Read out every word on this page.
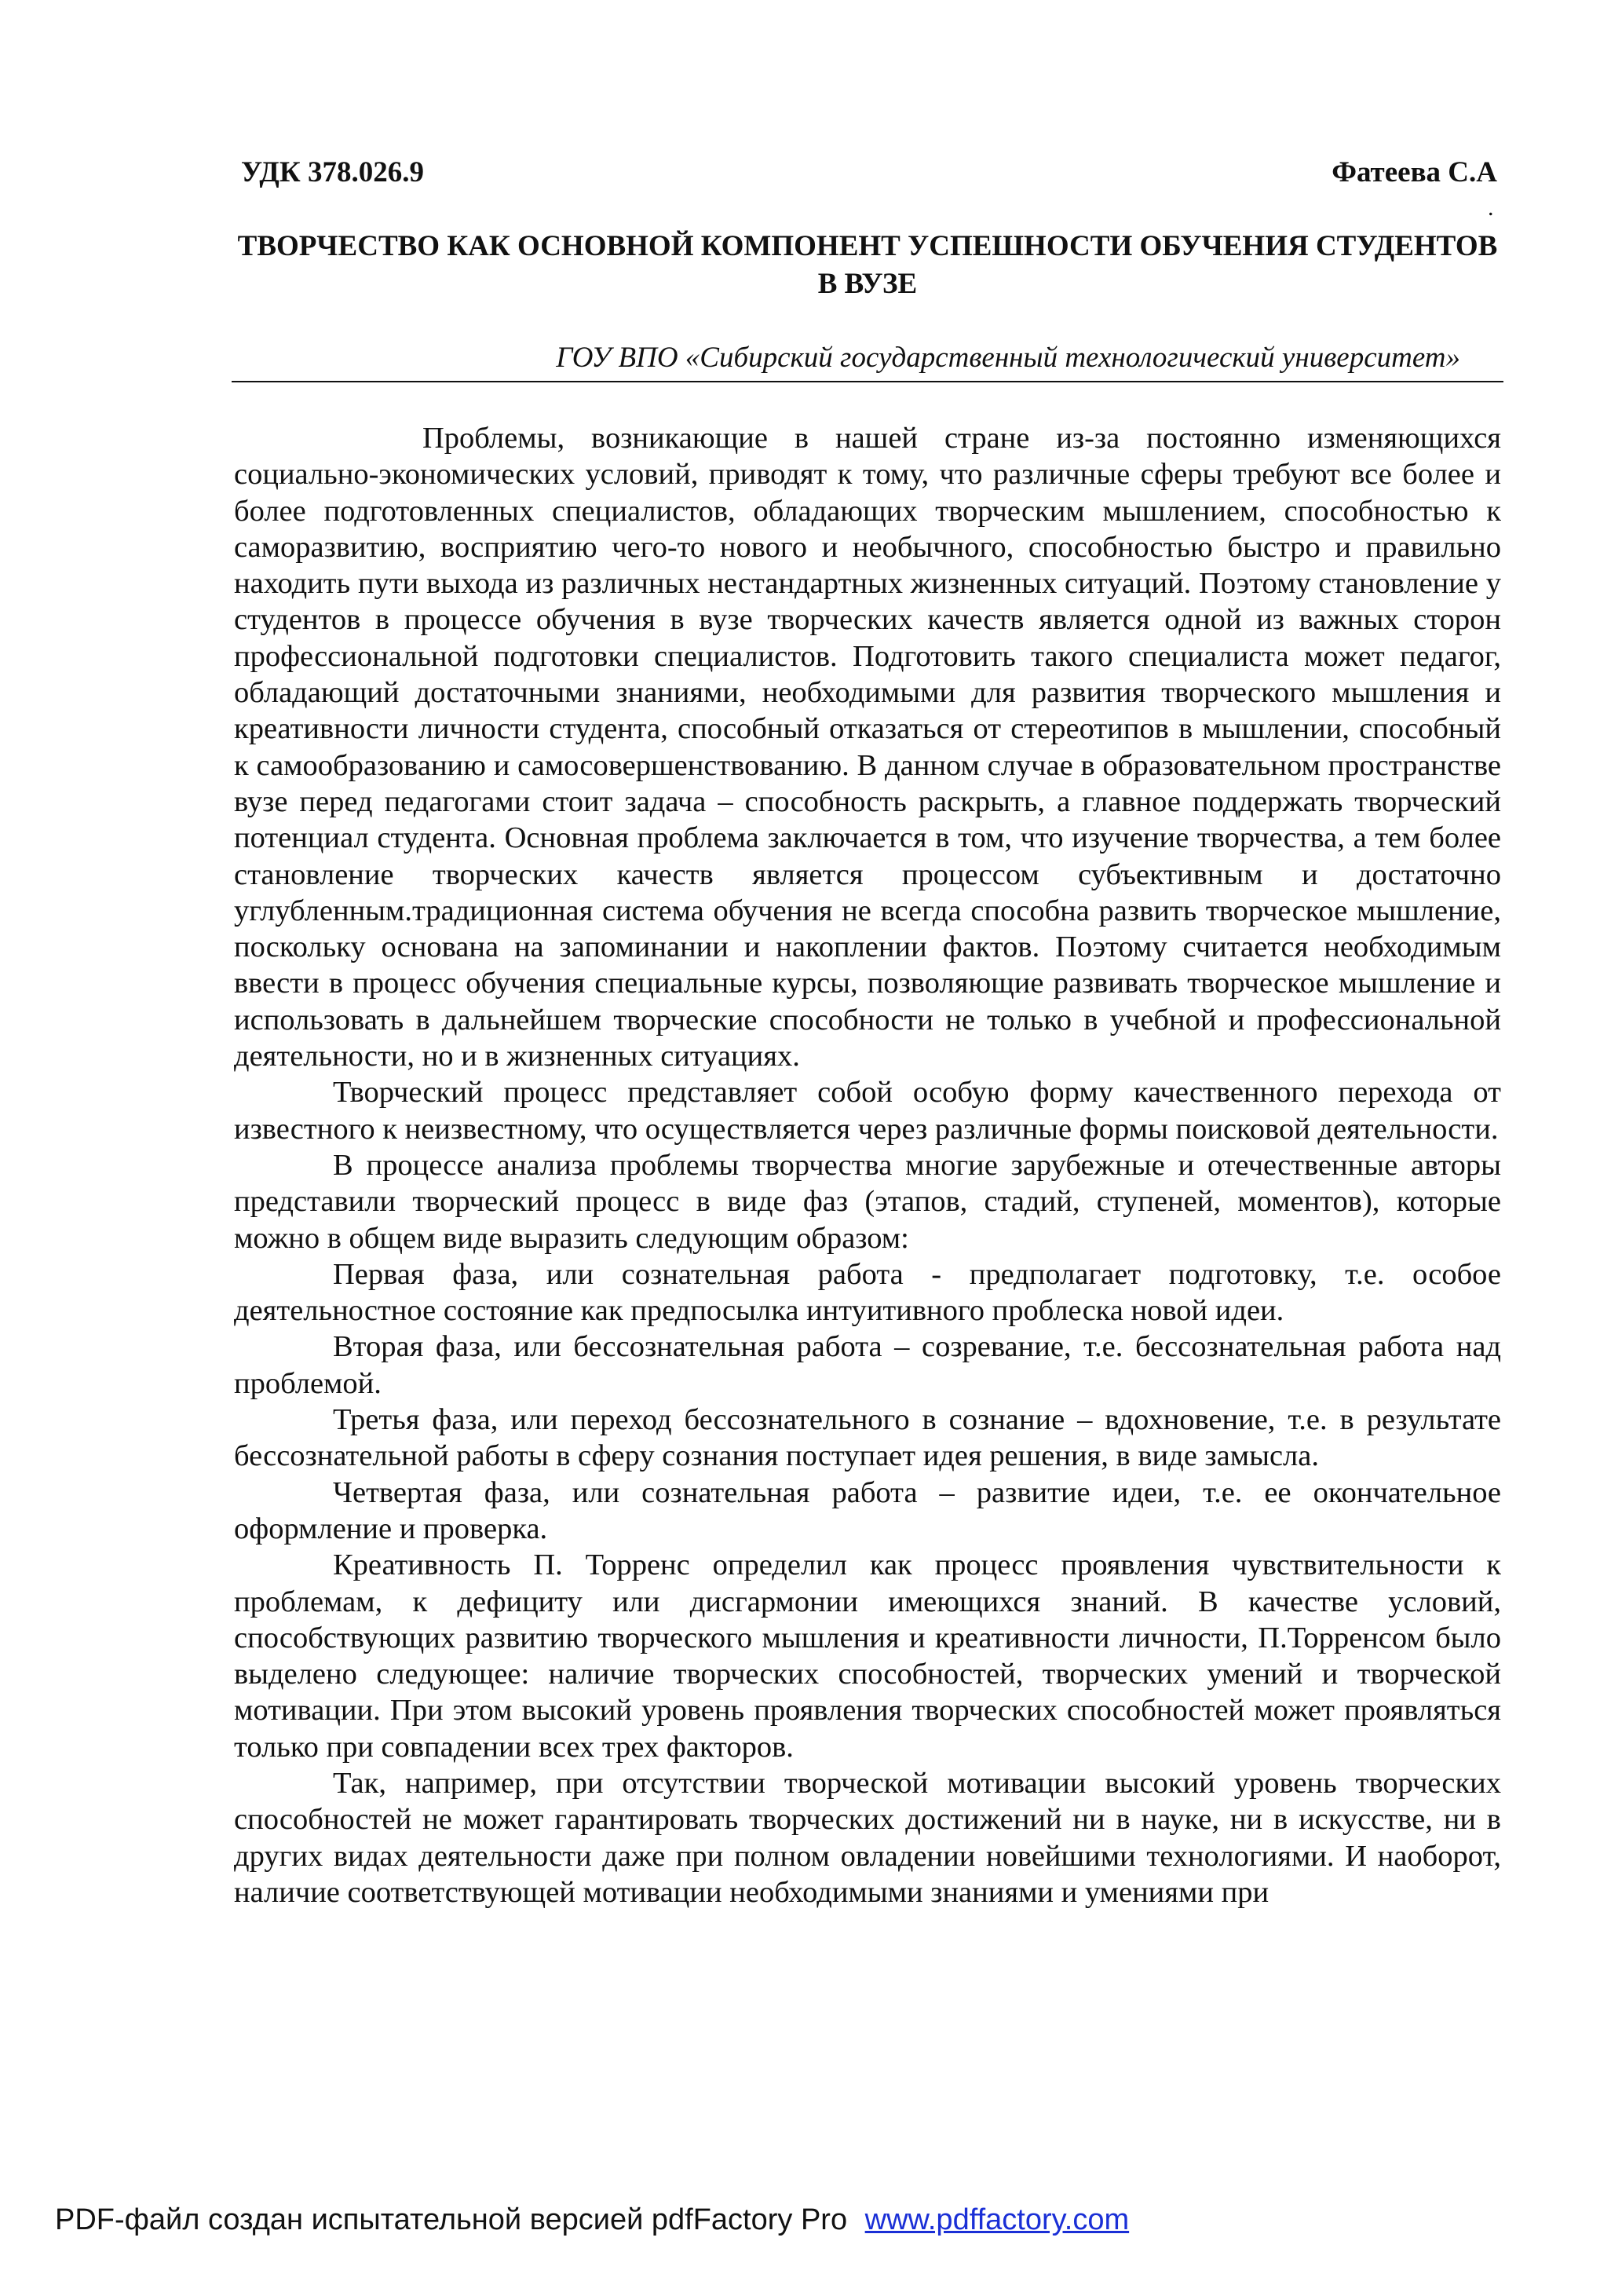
УДК 378.026.9	Фатеева С.А
.
ТВОРЧЕСТВО КАК ОСНОВНОЙ КОМПОНЕНТ УСПЕШНОСТИ ОБУЧЕНИЯ СТУДЕНТОВ В ВУЗЕ
ГОУ ВПО «Сибирский государственный технологический университет»

Проблемы, возникающие в нашей стране из-за постоянно изменяющихся социально-экономических условий, приводят к тому, что различные сферы требуют все более и более подготовленных специалистов, обладающих творческим мышлением, способностью к саморазвитию, восприятию чего-то нового и необычного, способностью быстро и правильно находить пути выхода из различных нестандартных жизненных ситуаций. Поэтому становление у студентов в процессе обучения в вузе творческих качеств является одной из важных сторон профессиональной подготовки специалистов. Подготовить такого специалиста может педагог, обладающий достаточными знаниями, необходимыми для развития творческого мышления и креативности личности студента, способный отказаться от стереотипов в мышлении, способный к самообразованию и самосовершенствованию. В данном случае в образовательном пространстве вузе перед педагогами стоит задача – способность раскрыть, а главное поддержать творческий потенциал студента. Основная проблема заключается в том, что изучение творчества, а тем более становление творческих качеств является процессом субъективным и достаточно углубленным.традиционная система обучения не всегда способна развить творческое мышление, поскольку основана на запоминании и накоплении фактов. Поэтому считается необходимым ввести в процесс обучения специальные курсы, позволяющие развивать творческое мышление и использовать в дальнейшем творческие способности не только в учебной и профессиональной деятельности, но и в жизненных ситуациях.

Творческий процесс представляет собой особую форму качественного перехода от известного к неизвестному, что осуществляется через различные формы поисковой деятельности.

В процессе анализа проблемы творчества многие зарубежные и отечественные авторы представили творческий процесс в виде фаз (этапов, стадий, ступеней, моментов), которые можно в общем виде выразить следующим образом:

Первая фаза, или сознательная работа - предполагает подготовку, т.е. особое деятельностное состояние как предпосылка интуитивного проблеска новой идеи.

Вторая фаза, или бессознательная работа – созревание, т.е. бессознательная работа над проблемой.

Третья фаза, или переход бессознательного в сознание – вдохновение, т.е. в результате бессознательной работы в сферу сознания поступает идея решения, в виде замысла.

Четвертая фаза, или сознательная работа – развитие идеи, т.е. ее окончательное оформление и проверка.

Креативность П. Торренс определил как процесс проявления чувствительности к проблемам, к дефициту или дисгармонии имеющихся знаний. В качестве условий, способствующих развитию творческого мышления и креативности личности, П.Торренсом было выделено следующее: наличие творческих способностей, творческих умений и творческой мотивации. При этом высокий уровень проявления творческих способностей может проявляться только при совпадении всех трех факторов.

Так, например, при отсутствии творческой мотивации высокий уровень творческих способностей не может гарантировать творческих достижений ни в науке, ни в искусстве, ни в других видах деятельности даже при полном овладении новейшими технологиями. И наоборот, наличие соответствующей мотивации необходимыми знаниями и умениями при

PDF-файл создан испытательной версией pdfFactory Pro www.pdffactory.com
